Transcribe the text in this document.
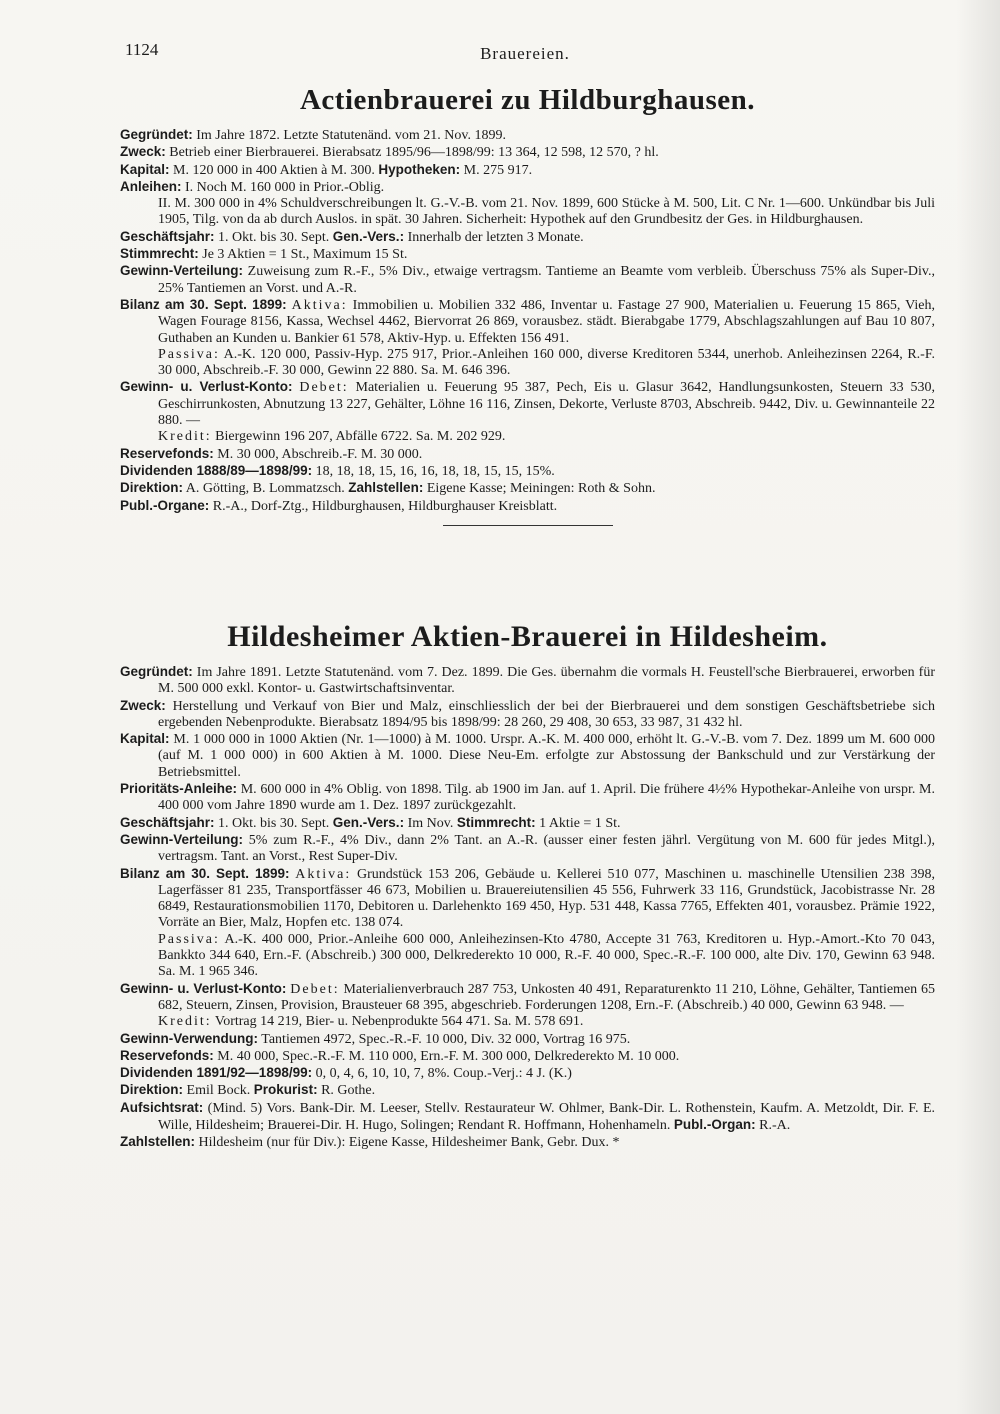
1124	Brauereien.
Actienbrauerei zu Hildburghausen.

Gegründet: Im Jahre 1872. Letzte Statutenänd. vom 21. Nov. 1899.

Zweck: Betrieb einer Bierbrauerei. Bierabsatz 1895/96—1898/99: 13 364, 12 598, 12 570, ? hl.

Kapital: M. 120 000 in 400 Aktien à M. 300. Hypotheken: M. 275 917.

Anleihen: I. Noch M. 160 000 in Prior.-Oblig.

II. M. 300 000 in 4% Schuldverschreibungen lt. G.-V.-B. vom 21. Nov. 1899, 600 Stücke à M. 500, Lit. C Nr. 1—600. Unkündbar bis Juli 1905, Tilg. von da ab durch Auslos. in spät. 30 Jahren. Sicherheit: Hypothek auf den Grundbesitz der Ges. in Hildburghausen.

Geschäftsjahr: 1. Okt. bis 30. Sept. Gen.-Vers.: Innerhalb der letzten 3 Monate.

Stimmrecht: Je 3 Aktien = 1 St., Maximum 15 St.

Gewinn-Verteilung: Zuweisung zum R.-F., 5% Div., etwaige vertragsm. Tantieme an Beamte vom verbleib. Überschuss 75% als Super-Div., 25% Tantiemen an Vorst. und A.-R.

Bilanz am 30. Sept. 1899: Aktiva: Immobilien u. Mobilien 332 486, Inventar u. Fastage 27 900, Materialien u. Feuerung 15 865, Vieh, Wagen Fourage 8156, Kassa, Wechsel 4462, Biervorrat 26 869, vorausbez. städt. Bierabgabe 1779, Abschlagszahlungen auf Bau 10 807, Guthaben an Kunden u. Bankier 61 578, Aktiv-Hyp. u. Effekten 156 491.

Passiva: A.-K. 120 000, Passiv-Hyp. 275 917, Prior.-Anleihen 160 000, diverse Kreditoren 5344, unerhob. Anleihezinsen 2264, R.-F. 30 000, Abschreib.-F. 30 000, Gewinn 22 880. Sa. M. 646 396.

Gewinn- u. Verlust-Konto: Debet: Materialien u. Feuerung 95 387, Pech, Eis u. Glasur 3642, Handlungsunkosten, Steuern 33 530, Geschirrunkosten, Abnutzung 13 227, Gehälter, Löhne 16 116, Zinsen, Dekorte, Verluste 8703, Abschreib. 9442, Div. u. Gewinnanteile 22 880. —

Kredit: Biergewinn 196 207, Abfälle 6722. Sa. M. 202 929.

Reservefonds: M. 30 000, Abschreib.-F. M. 30 000.

Dividenden 1888/89—1898/99: 18, 18, 18, 15, 16, 16, 18, 18, 15, 15, 15%.

Direktion: A. Götting, B. Lommatzsch. Zahlstellen: Eigene Kasse; Meiningen: Roth & Sohn.

Publ.-Organe: R.-A., Dorf-Ztg., Hildburghausen, Hildburghauser Kreisblatt.

Hildesheimer Aktien-Brauerei in Hildesheim.

Gegründet: Im Jahre 1891. Letzte Statutenänd. vom 7. Dez. 1899. Die Ges. übernahm die vormals H. Feustell'sche Bierbrauerei, erworben für M. 500 000 exkl. Kontor- u. Gastwirtschaftsinventar.

Zweck: Herstellung und Verkauf von Bier und Malz, einschliesslich der bei der Bierbrauerei und dem sonstigen Geschäftsbetriebe sich ergebenden Nebenprodukte. Bierabsatz 1894/95 bis 1898/99: 28 260, 29 408, 30 653, 33 987, 31 432 hl.

Kapital: M. 1 000 000 in 1000 Aktien (Nr. 1—1000) à M. 1000. Urspr. A.-K. M. 400 000, erhöht lt. G.-V.-B. vom 7. Dez. 1899 um M. 600 000 (auf M. 1 000 000) in 600 Aktien à M. 1000. Diese Neu-Em. erfolgte zur Abstossung der Bankschuld und zur Verstärkung der Betriebsmittel.

Prioritäts-Anleihe: M. 600 000 in 4% Oblig. von 1898. Tilg. ab 1900 im Jan. auf 1. April. Die frühere 4½% Hypothekar-Anleihe von urspr. M. 400 000 vom Jahre 1890 wurde am 1. Dez. 1897 zurückgezahlt.

Geschäftsjahr: 1. Okt. bis 30. Sept. Gen.-Vers.: Im Nov. Stimmrecht: 1 Aktie = 1 St.

Gewinn-Verteilung: 5% zum R.-F., 4% Div., dann 2% Tant. an A.-R. (ausser einer festen jährl. Vergütung von M. 600 für jedes Mitgl.), vertragsm. Tant. an Vorst., Rest Super-Div.

Bilanz am 30. Sept. 1899: Aktiva: Grundstück 153 206, Gebäude u. Kellerei 510 077, Maschinen u. maschinelle Utensilien 238 398, Lagerfässer 81 235, Transportfässer 46 673, Mobilien u. Brauereiutensilien 45 556, Fuhrwerk 33 116, Grundstück, Jacobistrasse Nr. 28 6849, Restaurationsmobilien 1170, Debitoren u. Darlehenkto 169 450, Hyp. 531 448, Kassa 7765, Effekten 401, vorausbez. Prämie 1922, Vorräte an Bier, Malz, Hopfen etc. 138 074.

Passiva: A.-K. 400 000, Prior.-Anleihe 600 000, Anleihezinsen-Kto 4780, Accepte 31 763, Kreditoren u. Hyp.-Amort.-Kto 70 043, Bankkto 344 640, Ern.-F. (Abschreib.) 300 000, Delkrederekto 10 000, R.-F. 40 000, Spec.-R.-F. 100 000, alte Div. 170, Gewinn 63 948. Sa. M. 1 965 346.

Gewinn- u. Verlust-Konto: Debet: Materialienverbrauch 287 753, Unkosten 40 491, Reparaturenkto 11 210, Löhne, Gehälter, Tantiemen 65 682, Steuern, Zinsen, Provision, Brausteuer 68 395, abgeschrieb. Forderungen 1208, Ern.-F. (Abschreib.) 40 000, Gewinn 63 948. —

Kredit: Vortrag 14 219, Bier- u. Nebenprodukte 564 471. Sa. M. 578 691.

Gewinn-Verwendung: Tantiemen 4972, Spec.-R.-F. 10 000, Div. 32 000, Vortrag 16 975.

Reservefonds: M. 40 000, Spec.-R.-F. M. 110 000, Ern.-F. M. 300 000, Delkrederekto M. 10 000.

Dividenden 1891/92—1898/99: 0, 0, 4, 6, 10, 10, 7, 8%. Coup.-Verj.: 4 J. (K.)

Direktion: Emil Bock. Prokurist: R. Gothe.

Aufsichtsrat: (Mind. 5) Vors. Bank-Dir. M. Leeser, Stellv. Restaurateur W. Ohlmer, Bank-Dir. L. Rothenstein, Kaufm. A. Metzoldt, Dir. F. E. Wille, Hildesheim; Brauerei-Dir. H. Hugo, Solingen; Rendant R. Hoffmann, Hohenhameln. Publ.-Organ: R.-A.

Zahlstellen: Hildesheim (nur für Div.): Eigene Kasse, Hildesheimer Bank, Gebr. Dux. *
